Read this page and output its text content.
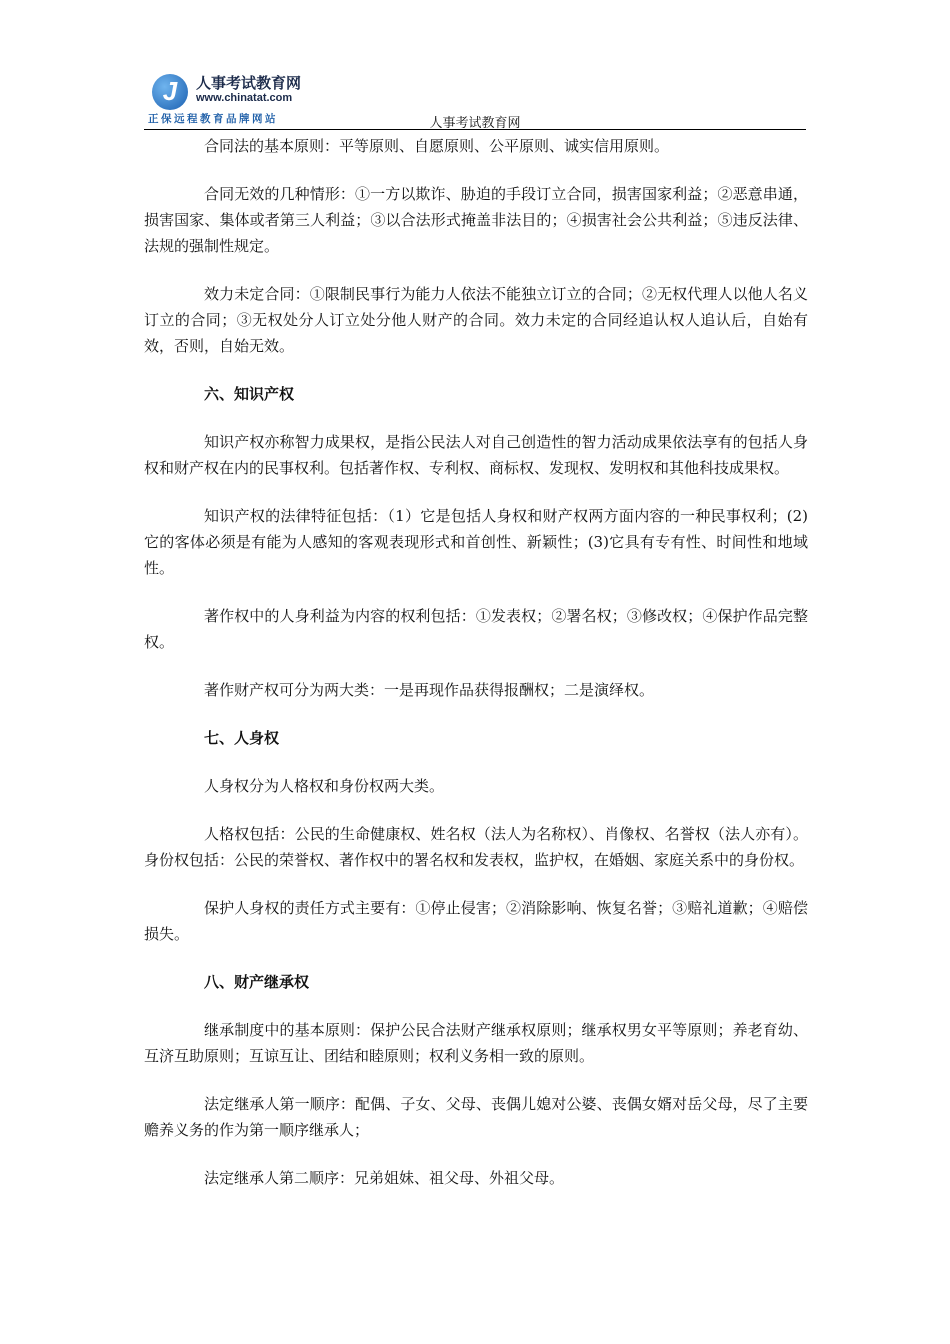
J	人事考试教育网
www.chinatat.com
正保远程教育品牌网站	人事考试教育网

合同法的基本原则：平等原则、自愿原则、公平原则、诚实信用原则。

合同无效的几种情形：①一方以欺诈、胁迫的手段订立合同，损害国家利益；②恶意串通，损害国家、集体或者第三人利益；③以合法形式掩盖非法目的；④损害社会公共利益；⑤违反法律、法规的强制性规定。

效力未定合同：①限制民事行为能力人依法不能独立订立的合同；②无权代理人以他人名义订立的合同；③无权处分人订立处分他人财产的合同。效力未定的合同经追认权人追认后，自始有效，否则，自始无效。

六、知识产权

知识产权亦称智力成果权，是指公民法人对自己创造性的智力活动成果依法享有的包括人身权和财产权在内的民事权利。包括著作权、专利权、商标权、发现权、发明权和其他科技成果权。

知识产权的法律特征包括：（1）它是包括人身权和财产权两方面内容的一种民事权利；(2)它的客体必须是有能为人感知的客观表现形式和首创性、新颖性；(3)它具有专有性、时间性和地域性。

著作权中的人身利益为内容的权利包括：①发表权；②署名权；③修改权；④保护作品完整权。

著作财产权可分为两大类：一是再现作品获得报酬权；二是演绎权。

七、人身权

人身权分为人格权和身份权两大类。

人格权包括：公民的生命健康权、姓名权（法人为名称权）、肖像权、名誉权（法人亦有）。身份权包括：公民的荣誉权、著作权中的署名权和发表权，监护权，在婚姻、家庭关系中的身份权。

保护人身权的责任方式主要有：①停止侵害；②消除影响、恢复名誉；③赔礼道歉；④赔偿损失。

八、财产继承权

继承制度中的基本原则：保护公民合法财产继承权原则；继承权男女平等原则；养老育幼、互济互助原则；互谅互让、团结和睦原则；权利义务相一致的原则。

法定继承人第一顺序：配偶、子女、父母、丧偶儿媳对公婆、丧偶女婿对岳父母，尽了主要赡养义务的作为第一顺序继承人；

法定继承人第二顺序：兄弟姐妹、祖父母、外祖父母。
